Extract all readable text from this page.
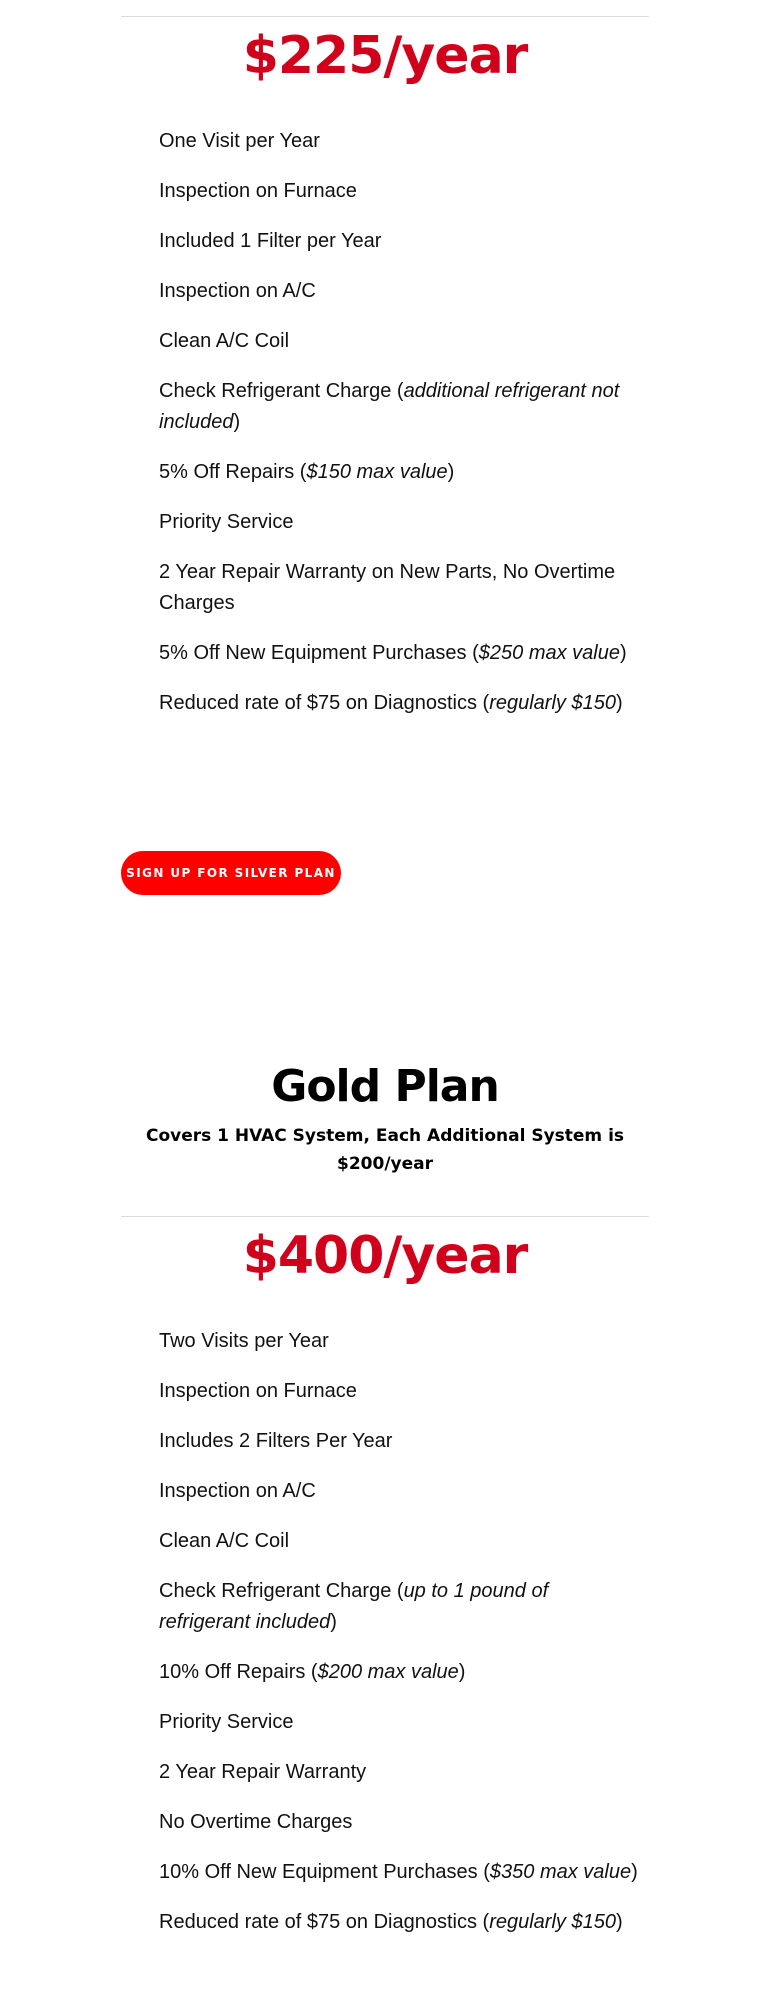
$225/year
One Visit per Year
Inspection on Furnace
Included 1 Filter per Year
Inspection on A/C
Clean A/C Coil
Check Refrigerant Charge (additional refrigerant not included)
5% Off Repairs ($150 max value)
Priority Service
2 Year Repair Warranty on New Parts, No Overtime Charges
5% Off New Equipment Purchases ($250 max value)
Reduced rate of $75 on Diagnostics (regularly $150)
SIGN UP FOR SILVER PLAN
Gold Plan
Covers 1 HVAC System, Each Additional System is $200/year
$400/year
Two Visits per Year
Inspection on Furnace
Includes 2 Filters Per Year
Inspection on A/C
Clean A/C Coil
Check Refrigerant Charge (up to 1 pound of refrigerant included)
10% Off Repairs ($200 max value)
Priority Service
2 Year Repair Warranty
No Overtime Charges
10% Off New Equipment Purchases ($350 max value)
Reduced rate of $75 on Diagnostics (regularly $150)
